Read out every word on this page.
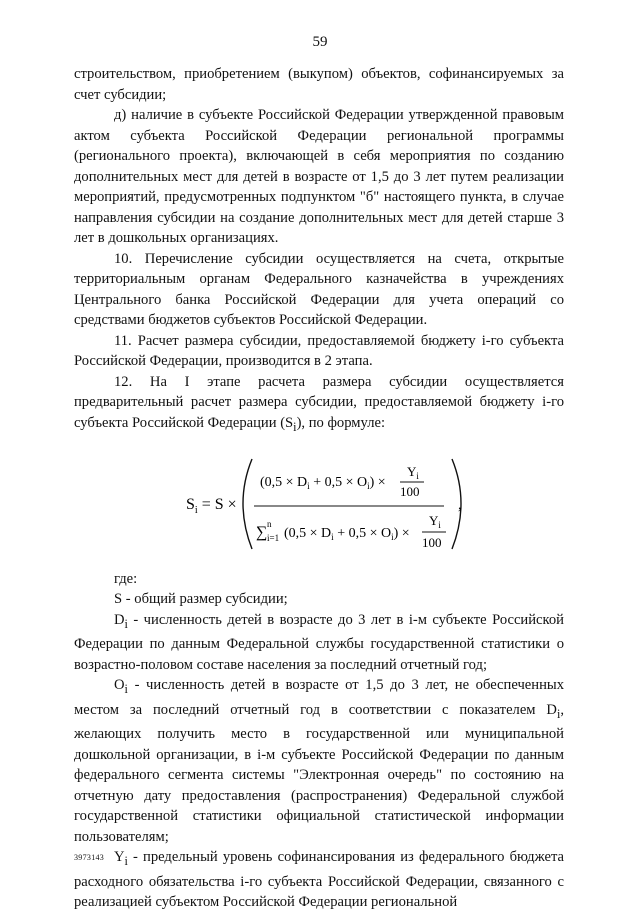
59

строительством, приобретением (выкупом) объектов, софинансируемых за счет субсидии;

д) наличие в субъекте Российской Федерации утвержденной правовым актом субъекта Российской Федерации региональной программы (регионального проекта), включающей в себя мероприятия по созданию дополнительных мест для детей в возрасте от 1,5 до 3 лет путем реализации мероприятий, предусмотренных подпунктом "б" настоящего пункта, в случае направления субсидии на создание дополнительных мест для детей старше 3 лет в дошкольных организациях.

10. Перечисление субсидии осуществляется на счета, открытые территориальным органам Федерального казначейства в учреждениях Центрального банка Российской Федерации для учета операций со средствами бюджетов субъектов Российской Федерации.

11. Расчет размера субсидии, предоставляемой бюджету i-го субъекта Российской Федерации, производится в 2 этапа.

12. На I этапе расчета размера субсидии осуществляется предварительный расчет размера субсидии, предоставляемой бюджету i-го субъекта Российской Федерации $(S_i)$, по формуле:

$S_i = S$ ×
$(0,5 \times D_i + 0,5 \times O_i)$ ×
$Y_i$
100
∑ n
i=1 $(0,5 \times D_i + 0,5 \times O_i)$ ×
$Y_i$
100
,

где:

S - общий размер субсидии;

$D_i$ - численность детей в возрасте до 3 лет в i-м субъекте Российской Федерации по данным Федеральной службы государственной статистики о возрастно-половом составе населения за последний отчетный год;

$O_i$ - численность детей в возрасте от 1,5 до 3 лет, не обеспеченных местом за последний отчетный год в соответствии с показателем $D_i$, желающих получить место в государственной или муниципальной дошкольной организации, в i-м субъекте Российской Федерации по данным федерального сегмента системы "Электронная очередь" по состоянию на отчетную дату предоставления (распространения) Федеральной службой государственной статистики официальной статистической информации пользователям;

$Y_i$ - предельный уровень софинансирования из федерального бюджета расходного обязательства i-го субъекта Российской Федерации, связанного с реализацией субъектом Российской Федерации региональной

3973143
